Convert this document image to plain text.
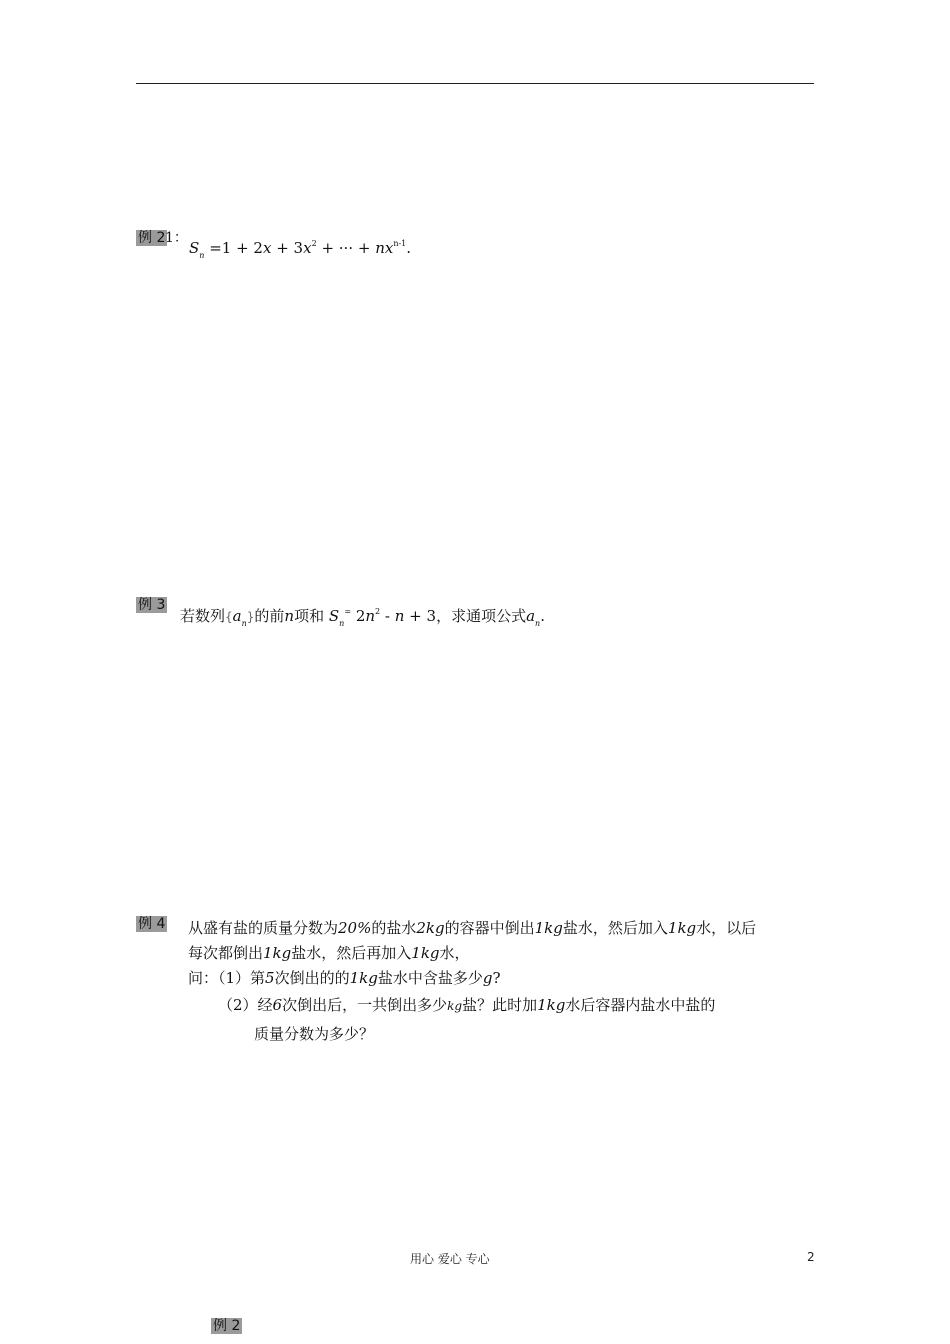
例 2 1：
$S_n =1 + 2x + 3x^2$ + ··· + $nx^{n-1}$.
例 3
若数列$\{a_n\}$的前n项和 $S_n^=$ $2n^2 - n + 3$，求通项公式$a_n$.
例 4 从盛有盐的质量分数为20%的盐水2kg的容器中倒出1kg盐水，然后加入1kg水，以后
每次都倒出1kg盐水，然后再加入1kg水，
问：（1）第5次倒出的的1kg盐水中含盐多少g?
（2）经6次倒出后，一共倒出多少kg盐？此时加1kg水后容器内盐水中盐的
质量分数为多少？
用心 爱心 专心	2
例 2
